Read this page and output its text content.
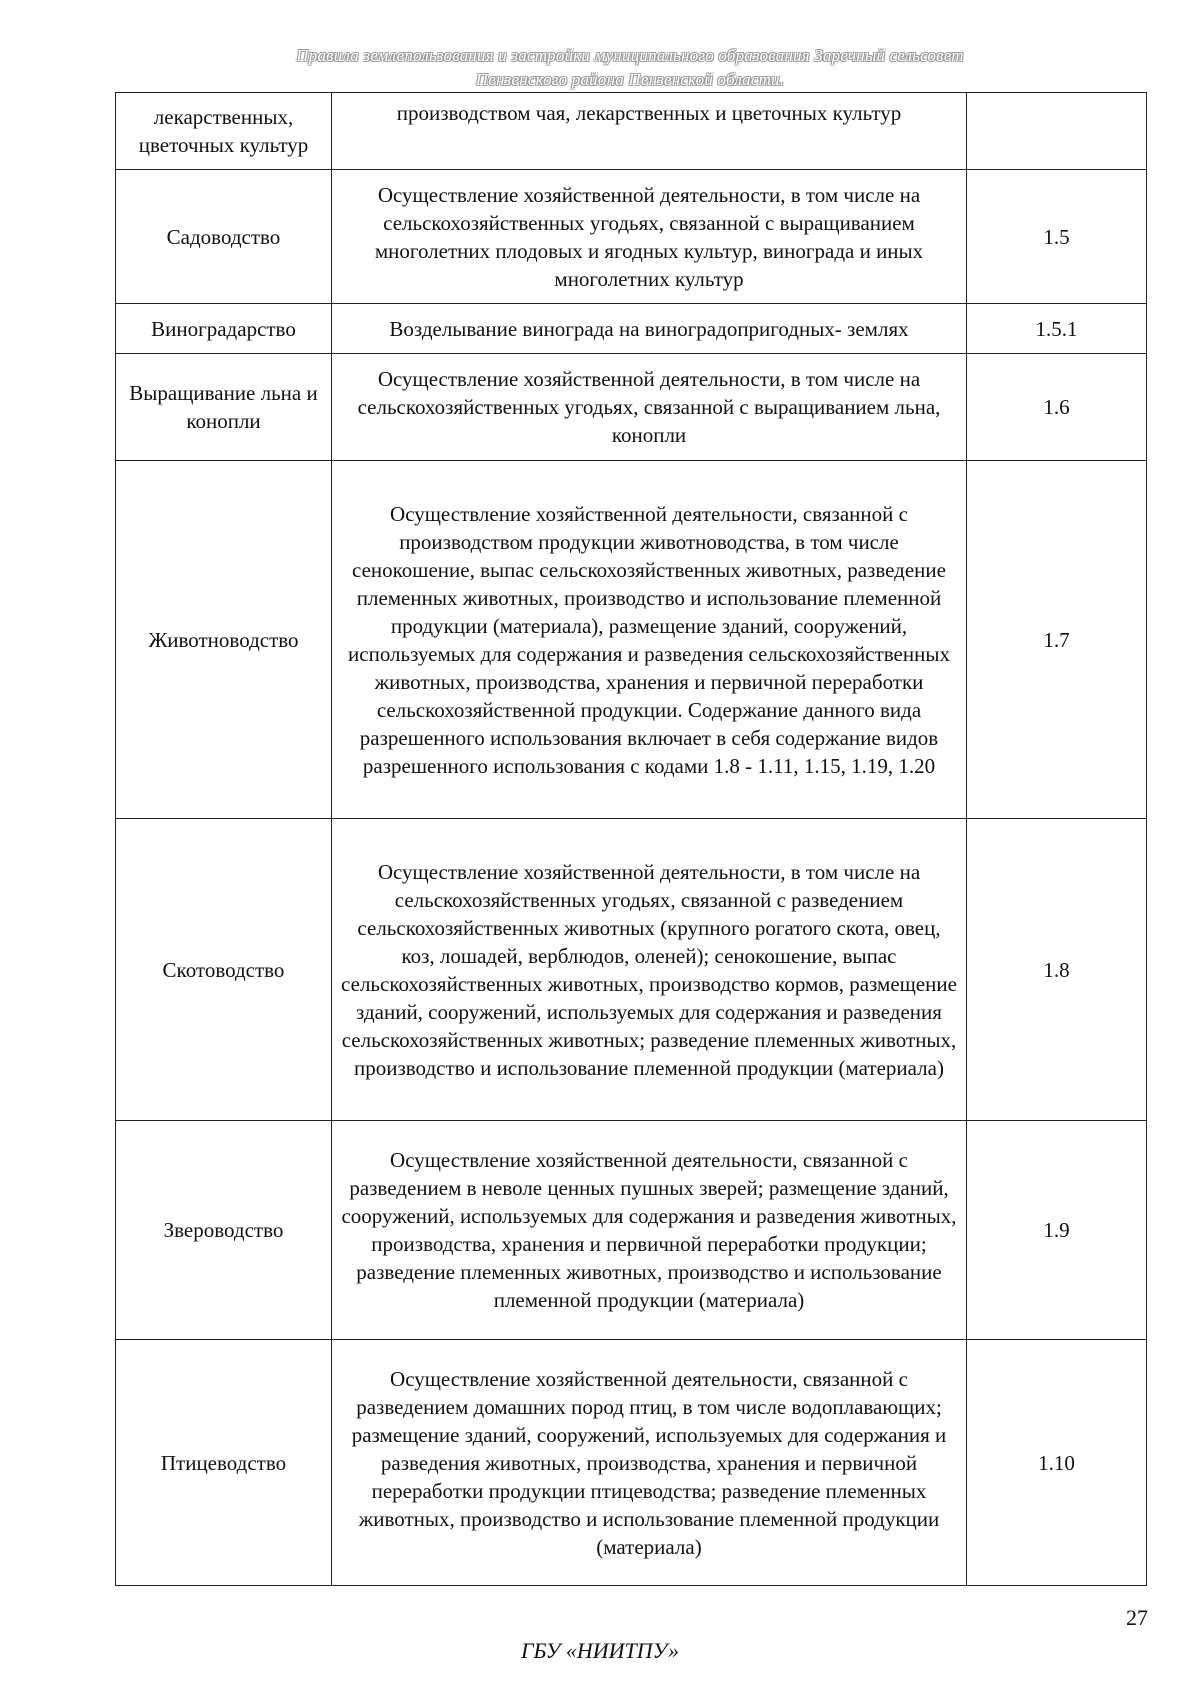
Правила землепользования и застройки муниципального образования Заречный сельсовет
Пензенского района Пензенской области.
лекарственных, цветочных культур	производством чая, лекарственных и цветочных культур	
Садоводство	Осуществление хозяйственной деятельности, в том числе на сельскохозяйственных угодьях, связанной с выращиванием многолетних плодовых и ягодных культур, винограда и иных многолетних культур	1.5
Виноградарство	Возделывание винограда на виноградопригодных- землях	1.5.1
Выращивание льна и конопли	Осуществление хозяйственной деятельности, в том числе на сельскохозяйственных угодьях, связанной с выращиванием льна, конопли	1.6
Животноводство	Осуществление хозяйственной деятельности, связанной с производством продукции животноводства, в том числе сенокошение, выпас сельскохозяйственных животных, разведение племенных животных, производство и использование племенной продукции (материала), размещение зданий, сооружений, используемых для содержания и разведения сельскохозяйственных животных, производства, хранения и первичной переработки сельскохозяйственной продукции. Содержание данного вида разрешенного использования включает в себя содержание видов разрешенного использования с кодами 1.8 - 1.11, 1.15, 1.19, 1.20	1.7
Скотоводство	Осуществление хозяйственной деятельности, в том числе на сельскохозяйственных угодьях, связанной с разведением сельскохозяйственных животных (крупного рогатого скота, овец, коз, лошадей, верблюдов, оленей); сенокошение, выпас сельскохозяйственных животных, производство кормов, размещение зданий, сооружений, используемых для содержания и разведения сельскохозяйственных животных; разведение племенных животных, производство и использование племенной продукции (материала)	1.8
Звероводство	Осуществление хозяйственной деятельности, связанной с разведением в неволе ценных пушных зверей; размещение зданий, сооружений, используемых для содержания и разведения животных, производства, хранения и первичной переработки продукции; разведение племенных животных, производство и использование племенной продукции (материала)	1.9
Птицеводство	Осуществление хозяйственной деятельности, связанной с разведением домашних пород птиц, в том числе водоплавающих; размещение зданий, сооружений, используемых для содержания и разведения животных, производства, хранения и первичной переработки продукции птицеводства; разведение племенных животных, производство и использование племенной продукции (материала)	1.10
27
ГБУ «НИИТПУ»
